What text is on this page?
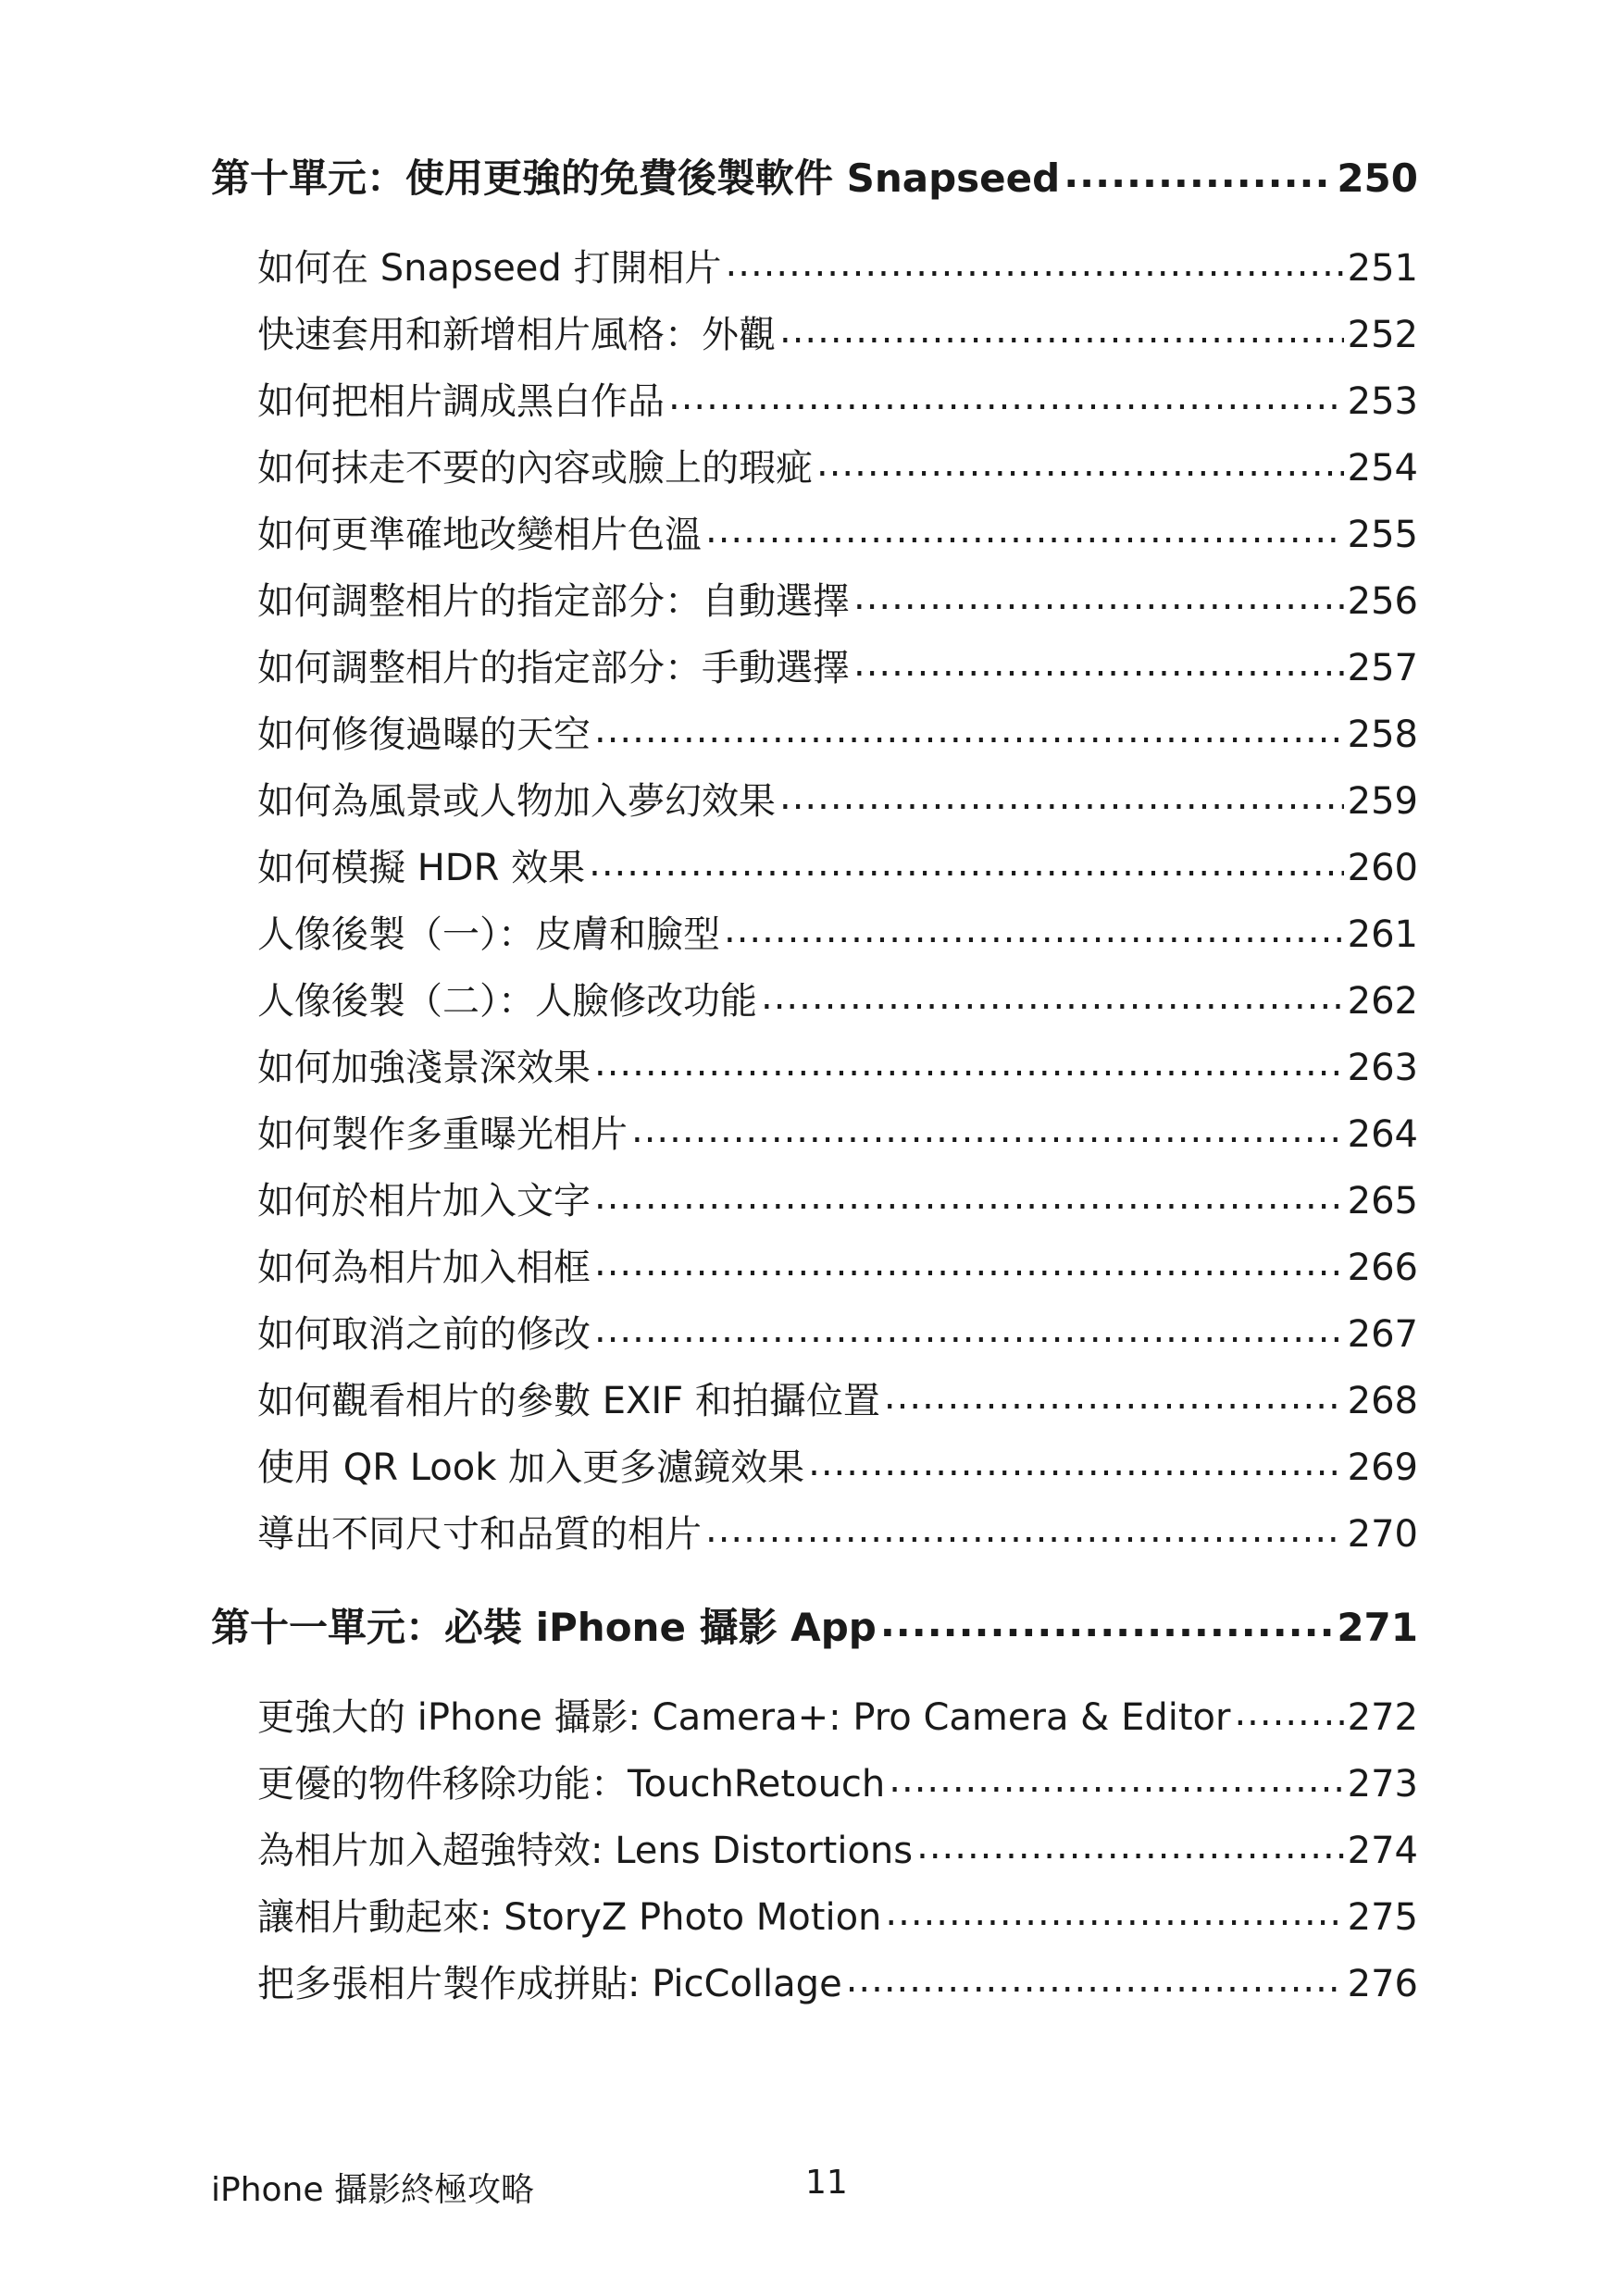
第十單元：使用更強的免費後製軟件 Snapseed .....	250
如何在 Snapseed 打開相片 .....	251
快速套用和新增相片風格：外觀 .....	252
如何把相片調成黑白作品 .....	253
如何抹走不要的內容或臉上的瑕疵 .....	254
如何更準確地改變相片色溫 .....	255
如何調整相片的指定部分：自動選擇 .....	256
如何調整相片的指定部分：手動選擇 .....	257
如何修復過曝的天空 .....	258
如何為風景或人物加入夢幻效果 .....	259
如何模擬 HDR 效果 .....	260
人像後製（一）：皮膚和臉型 .....	261
人像後製（二）：人臉修改功能 .....	262
如何加強淺景深效果 .....	263
如何製作多重曝光相片 .....	264
如何於相片加入文字 .....	265
如何為相片加入相框 .....	266
如何取消之前的修改 .....	267
如何觀看相片的參數 EXIF 和拍攝位置 .....	268
使用 QR Look 加入更多濾鏡效果 .....	269
導出不同尺寸和品質的相片 .....	270
第十一單元：必裝 iPhone 攝影 App .....	271
更強大的 iPhone 攝影: Camera+: Pro Camera & Editor .....	272
更優的物件移除功能：TouchRetouch .....	273
為相片加入超強特效: Lens Distortions .....	274
讓相片動起來: StoryZ Photo Motion .....	275
把多張相片製作成拼貼: PicCollage .....	276
iPhone 攝影終極攻略	11
